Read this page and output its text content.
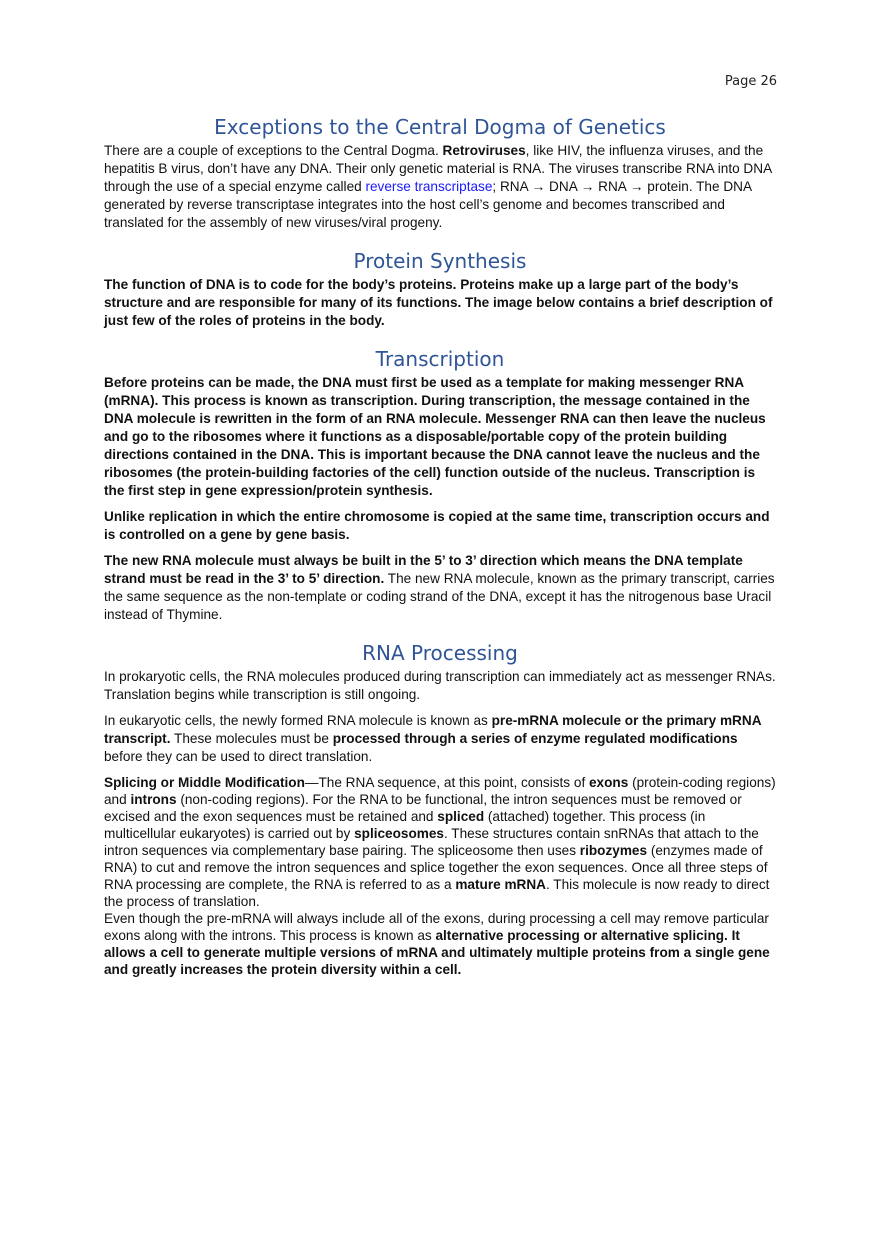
Page 26
Exceptions to the Central Dogma of Genetics

There are a couple of exceptions to the Central Dogma. Retroviruses, like HIV, the influenza viruses, and the hepatitis B virus, don’t have any DNA. Their only genetic material is RNA. The viruses transcribe RNA into DNA through the use of a special enzyme called reverse transcriptase; RNA → DNA → RNA → protein. The DNA generated by reverse transcriptase integrates into the host cell’s genome and becomes transcribed and translated for the assembly of new viruses/viral progeny.

Protein Synthesis

The function of DNA is to code for the body’s proteins. Proteins make up a large part of the body’s structure and are responsible for many of its functions. The image below contains a brief description of just few of the roles of proteins in the body.

Transcription

Before proteins can be made, the DNA must first be used as a template for making messenger RNA (mRNA). This process is known as transcription. During transcription, the message contained in the DNA molecule is rewritten in the form of an RNA molecule. Messenger RNA can then leave the nucleus and go to the ribosomes where it functions as a disposable/portable copy of the protein building directions contained in the DNA. This is important because the DNA cannot leave the nucleus and the ribosomes (the protein-building factories of the cell) function outside of the nucleus. Transcription is the first step in gene expression/protein synthesis.

Unlike replication in which the entire chromosome is copied at the same time, transcription occurs and is controlled on a gene by gene basis.

The new RNA molecule must always be built in the 5’ to 3’ direction which means the DNA template strand must be read in the 3’ to 5’ direction. The new RNA molecule, known as the primary transcript, carries the same sequence as the non-template or coding strand of the DNA, except it has the nitrogenous base Uracil instead of Thymine.

RNA Processing

In prokaryotic cells, the RNA molecules produced during transcription can immediately act as messenger RNAs. Translation begins while transcription is still ongoing.

In eukaryotic cells, the newly formed RNA molecule is known as pre-mRNA molecule or the primary mRNA transcript. These molecules must be processed through a series of enzyme regulated modifications before they can be used to direct translation.

Splicing or Middle Modification—The RNA sequence, at this point, consists of exons (protein-coding regions) and introns (non-coding regions). For the RNA to be functional, the intron sequences must be removed or excised and the exon sequences must be retained and spliced (attached) together. This process (in multicellular eukaryotes) is carried out by spliceosomes. These structures contain snRNAs that attach to the intron sequences via complementary base pairing. The spliceosome then uses ribozymes (enzymes made of RNA) to cut and remove the intron sequences and splice together the exon sequences. Once all three steps of RNA processing are complete, the RNA is referred to as a mature mRNA. This molecule is now ready to direct the process of translation.

Even though the pre-mRNA will always include all of the exons, during processing a cell may remove particular exons along with the introns. This process is known as alternative processing or alternative splicing. It allows a cell to generate multiple versions of mRNA and ultimately multiple proteins from a single gene and greatly increases the protein diversity within a cell.
